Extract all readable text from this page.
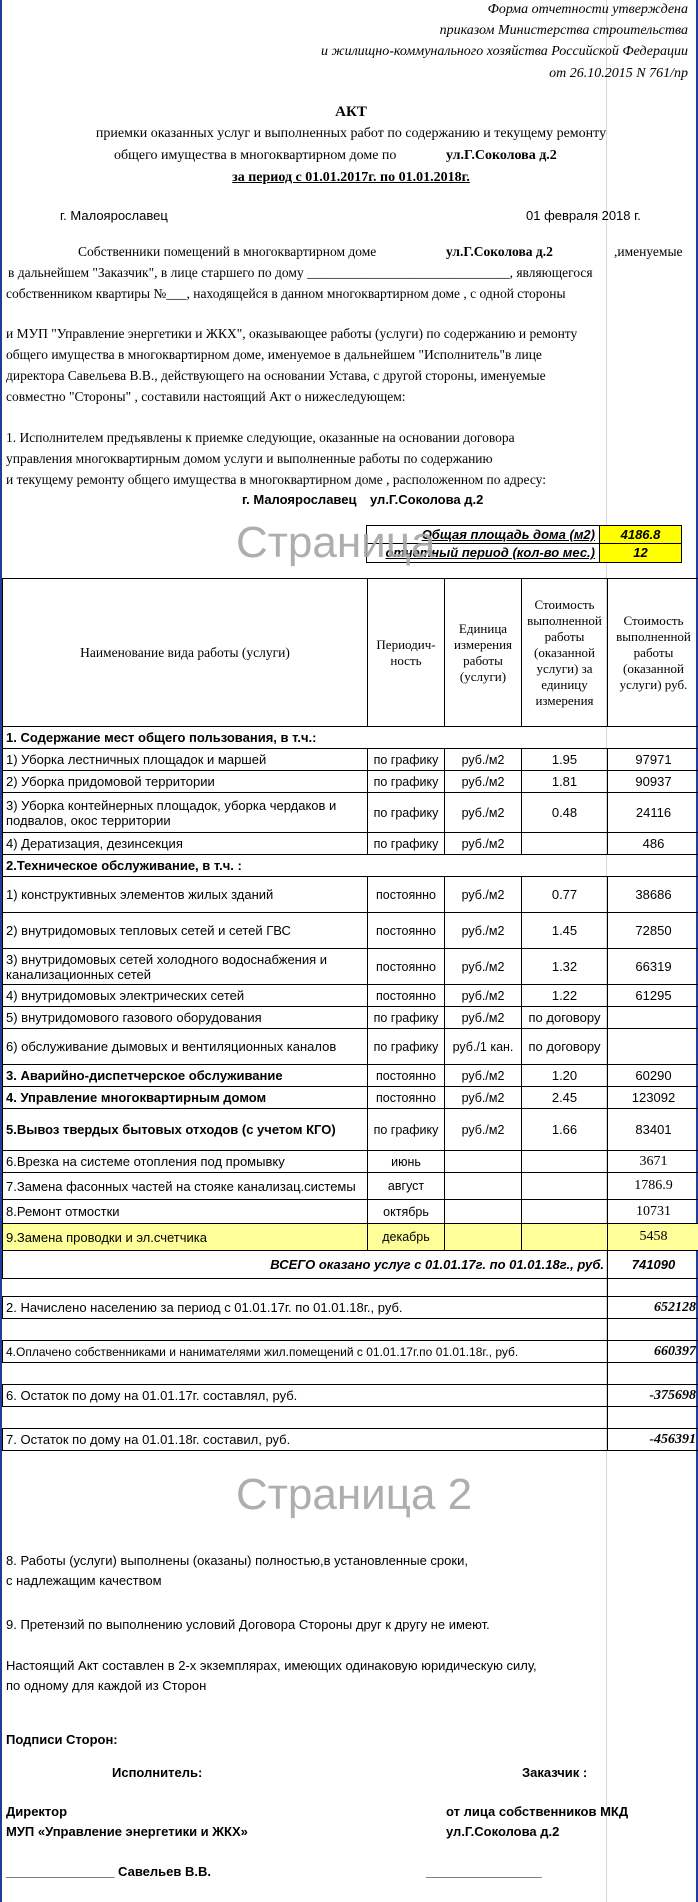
Форма отчетности утверждена
приказом Министерства строительства
и жилищно-коммунального хозяйства Российской Федерации
от 26.10.2015 N 761/пр
АКТ
приемки оказанных услуг и выполненных работ по содержанию и текущему ремонту
общего имущества в многоквартирном доме по	ул.Г.Соколова д.2
за период с 01.01.2017г. по 01.01.2018г.
г. Малоярославец	01 февраля 2018 г.
Собственники помещений в многоквартирном доме	ул.Г.Соколова д.2	,именуемые
в дальнейшем "Заказчик", в лице старшего по дому ______________________________, являющегося
собственником квартиры №___, находящейся в данном многоквартирном доме , с одной стороны
и МУП "Управление энергетики и ЖКХ", оказывающее работы (услуги) по содержанию и ремонту
общего имущества в многоквартирном доме, именуемое в дальнейшем "Исполнитель"в лице
директора Савельева В.В., действующего на основании Устава, с другой стороны, именуемые
совместно "Стороны" , составили настоящий Акт о нижеследующем:
1. Исполнителем предъявлены к приемке следующие, оказанные на основании договора
управления многоквартирным домом услуги и выполненные работы по содержанию
и текущему ремонту общего имущества в многоквартирном доме , расположенном по адресу:
г. Малоярославец ул.Г.Соколова д.2
Общая площадь дома (м2)	4186.8
отчетный период (кол-во мес.)	12
Страница
Наименование вида работы (услуги)	Периодич-ность	Единица измерения работы (услуги)	Стоимость выполненной работы (оказанной услуги) за единицу измерения	Стоимость выполненной работы (оказанной услуги) руб.
1. Содержание мест общего пользования, в т.ч.:				
1) Уборка лестничных площадок и маршей	по графику	руб./м2	1.95	97971
2) Уборка придомовой территории	по графику	руб./м2	1.81	90937
3) Уборка контейнерных площадок, уборка чердаков и подвалов, окос территории	по графику	руб./м2	0.48	24116
4) Дератизация, дезинсекция	по графику	руб./м2		486
2.Техническое обслуживание, в т.ч. :				
1) конструктивных элементов жилых зданий	постоянно	руб./м2	0.77	38686
2) внутридомовых тепловых сетей и сетей ГВС	постоянно	руб./м2	1.45	72850
3) внутридомовых сетей холодного водоснабжения и канализационных сетей	постоянно	руб./м2	1.32	66319
4) внутридомовых электрических сетей	постоянно	руб./м2	1.22	61295
5) внутридомового газового оборудования	по графику	руб./м2	по договору	
6) обслуживание дымовых и вентиляционных каналов	по графику	руб./1 кан.	по договору	
3. Аварийно-диспетчерское обслуживание	постоянно	руб./м2	1.20	60290
4. Управление многоквартирным домом	постоянно	руб./м2	2.45	123092
5.Вывоз твердых бытовых отходов (с учетом КГО)	по графику	руб./м2	1.66	83401
6.Врезка на системе отопления под промывку	июнь			3671
7.Замена фасонных частей на стояке канализац.системы	август			1786.9
8.Ремонт отмостки	октябрь			10731
9.Замена проводки и эл.счетчика	декабрь			5458
ВСЕГО оказано услуг с 01.01.17г. по 01.01.18г., руб.				741090

2. Начислено населению за период с 01.01.17г. по 01.01.18г., руб.				652128

4.Оплачено собственниками и нанимателями жил.помещений с 01.01.17г.по 01.01.18г., руб.				660397

6. Остаток по дому на 01.01.17г. составлял, руб.				-375698

7. Остаток по дому на 01.01.18г. составил, руб.				-456391
Страница 2
8. Работы (услуги) выполнены (оказаны) полностью,в установленные сроки,
с надлежащим качеством
9. Претензий по выполнению условий Договора Стороны друг к другу не имеют.
Настоящий Акт составлен в 2-х экземплярах, имеющих одинаковую юридическую силу,
по одному для каждой из Сторон
Подписи Сторон:
Исполнитель:	Заказчик :
Директор
МУП «Управление энергетики и ЖКХ»
от лица собственников МКД
ул.Г.Соколова д.2
_______________ Савельев В.В.	________________
